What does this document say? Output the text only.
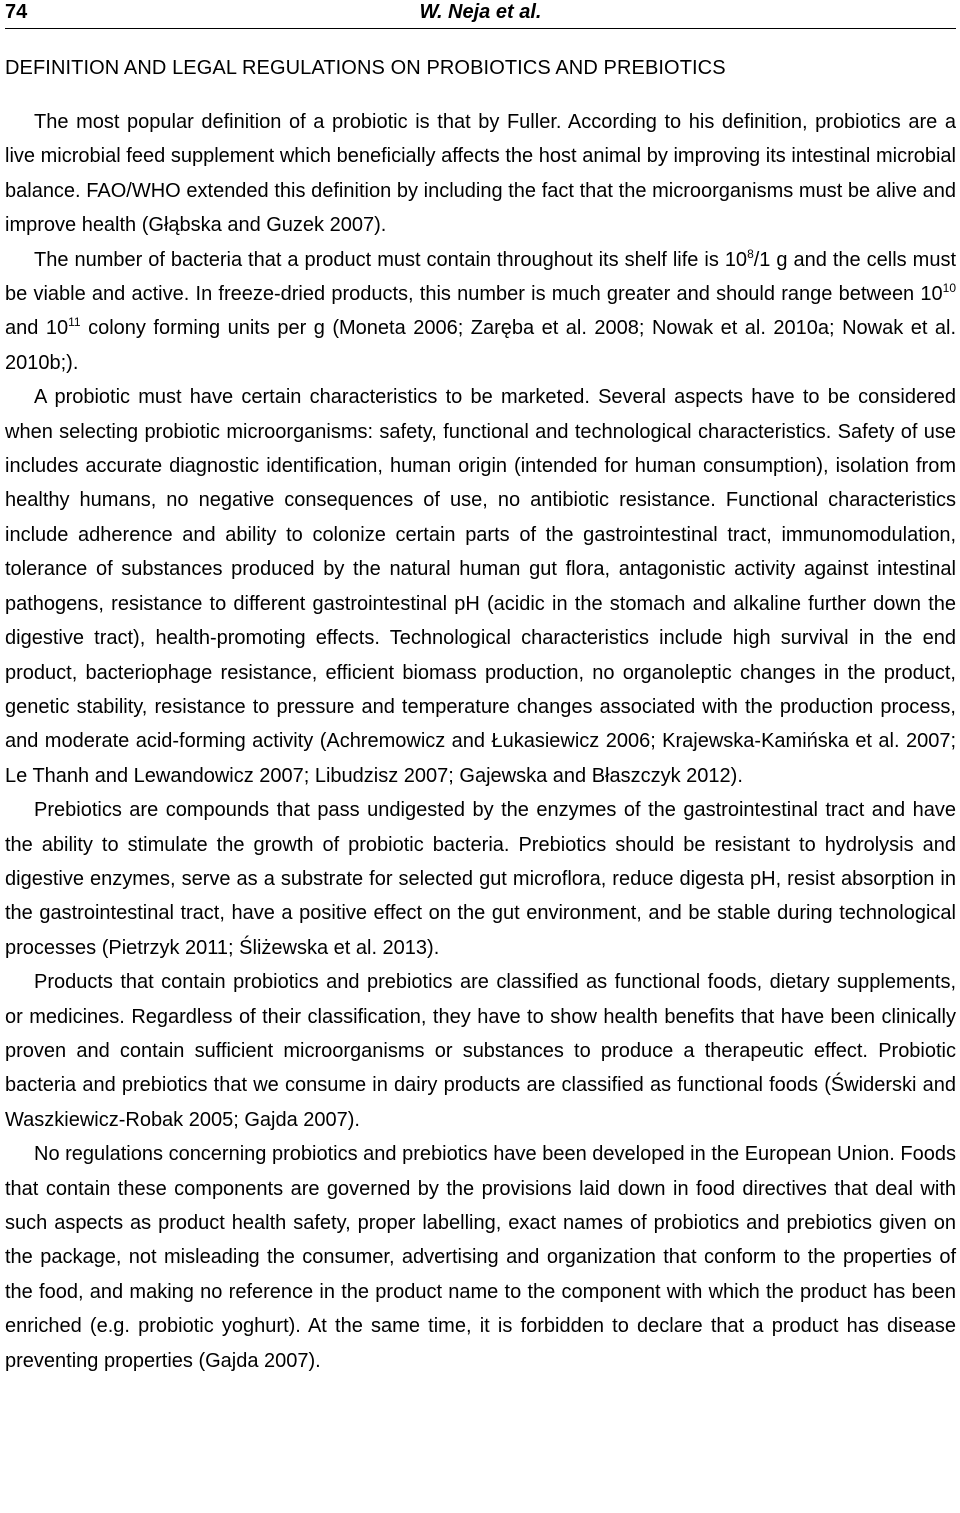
74	W. Neja et al.
DEFINITION AND LEGAL REGULATIONS ON PROBIOTICS AND PREBIOTICS

The most popular definition of a probiotic is that by Fuller. According to his definition, probiotics are a live microbial feed supplement which beneficially affects the host animal by improving its intestinal microbial balance. FAO/WHO extended this definition by including the fact that the microorganisms must be alive and improve health (Głąbska and Guzek 2007).

The number of bacteria that a product must contain throughout its shelf life is $10^8/1$ g and the cells must be viable and active. In freeze-dried products, this number is much greater and should range between $10^{10}$ and $10^{11}$ colony forming units per g (Moneta 2006; Zaręba et al. 2008; Nowak et al. 2010a; Nowak et al. 2010b;).

A probiotic must have certain characteristics to be marketed. Several aspects have to be considered when selecting probiotic microorganisms: safety, functional and technological characteristics. Safety of use includes accurate diagnostic identification, human origin (intended for human consumption), isolation from healthy humans, no negative consequences of use, no antibiotic resistance. Functional characteristics include adherence and ability to colonize certain parts of the gastrointestinal tract, immunomodulation, tolerance of substances produced by the natural human gut flora, antagonistic activity against intestinal pathogens, resistance to different gastrointestinal pH (acidic in the stomach and alkaline further down the digestive tract), health-promoting effects. Technological characteristics include high survival in the end product, bacteriophage resistance, efficient biomass production, no organoleptic changes in the product, genetic stability, resistance to pressure and temperature changes associated with the production process, and moderate acid-forming activity (Achremowicz and Łukasiewicz 2006; Krajewska-Kamińska et al. 2007; Le Thanh and Lewandowicz 2007; Libudzisz 2007; Gajewska and Błaszczyk 2012).

Prebiotics are compounds that pass undigested by the enzymes of the gastrointestinal tract and have the ability to stimulate the growth of probiotic bacteria. Prebiotics should be resistant to hydrolysis and digestive enzymes, serve as a substrate for selected gut microflora, reduce digesta pH, resist absorption in the gastrointestinal tract, have a positive effect on the gut environment, and be stable during technological processes (Pietrzyk 2011; Śliżewska et al. 2013).

Products that contain probiotics and prebiotics are classified as functional foods, dietary supplements, or medicines. Regardless of their classification, they have to show health benefits that have been clinically proven and contain sufficient microorganisms or substances to produce a therapeutic effect. Probiotic bacteria and prebiotics that we consume in dairy products are classified as functional foods (Świderski and Waszkiewicz-Robak 2005; Gajda 2007).

No regulations concerning probiotics and prebiotics have been developed in the European Union. Foods that contain these components are governed by the provisions laid down in food directives that deal with such aspects as product health safety, proper labelling, exact names of probiotics and prebiotics given on the package, not misleading the consumer, advertising and organization that conform to the properties of the food, and making no reference in the product name to the component with which the product has been enriched (e.g. probiotic yoghurt). At the same time, it is forbidden to declare that a product has disease preventing properties (Gajda 2007).
